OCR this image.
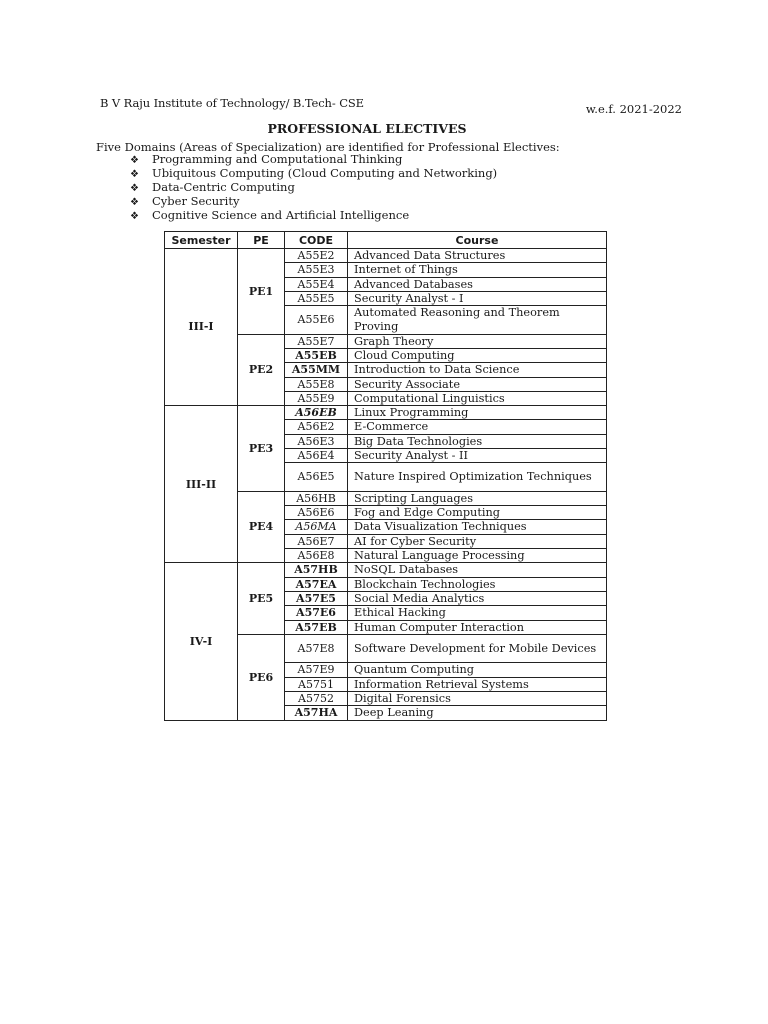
B V Raju Institute of Technology/ B.Tech- CSE	w.e.f. 2021-2022
PROFESSIONAL ELECTIVES
Five Domains (Areas of Specialization) are identified for Professional Electives:
❖ Programming and Computational Thinking
❖ Ubiquitous Computing (Cloud Computing and Networking)
❖ Data-Centric Computing
❖ Cyber Security
❖ Cognitive Science and Artificial Intelligence
Semester	PE	CODE	Course
III-I	PE1	A55E2	Advanced Data Structures
		A55E3	Internet of Things
		A55E4	Advanced Databases
		A55E5	Security Analyst - I
		A55E6	Automated Reasoning and Theorem Proving
	PE2	A55E7	Graph Theory
		A55EB	Cloud Computing
		A55MM	Introduction to Data Science
		A55E8	Security Associate
		A55E9	Computational Linguistics
III-II	PE3	A56EB	Linux Programming
		A56E2	E-Commerce
		A56E3	Big Data Technologies
		A56E4	Security Analyst - II
		A56E5	Nature Inspired Optimization Techniques
	PE4	A56HB	Scripting Languages
		A56E6	Fog and Edge Computing
		A56MA	Data Visualization Techniques
		A56E7	AI for Cyber Security
		A56E8	Natural Language Processing
IV-I	PE5	A57HB	NoSQL Databases
		A57EA	Blockchain Technologies
		A57E5	Social Media Analytics
		A57E6	Ethical Hacking
		A57EB	Human Computer Interaction
	PE6	A57E8	Software Development for Mobile Devices
		A57E9	Quantum Computing
		A5751	Information Retrieval Systems
		A5752	Digital Forensics
		A57HA	Deep Leaning
